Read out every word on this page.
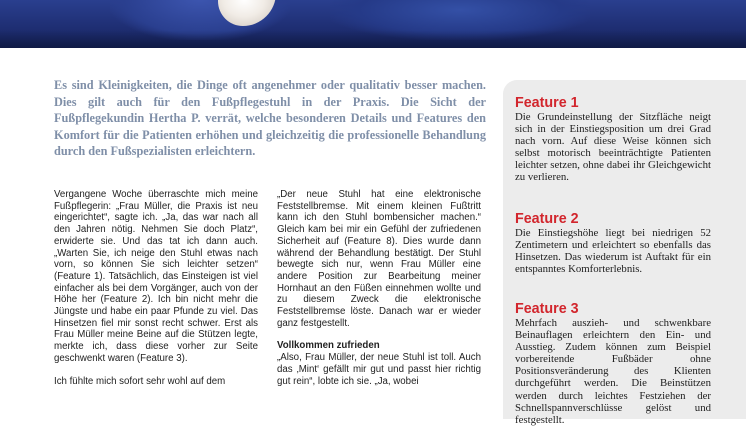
Es sind Kleinigkeiten, die Dinge oft angenehmer oder qualitativ besser machen. Dies gilt auch für den Fußpflegestuhl in der Praxis. Die Sicht der Fußpflegekundin Hertha P. verrät, welche besonderen Details und Features den Komfort für die Patienten erhöhen und gleichzeitig die professionelle Behandlung durch den Fußspezialisten erleichtern.

Vergangene Woche überraschte mich meine Fußpflegerin: „Frau Müller, die Praxis ist neu eingerichtet“, sagte ich. „Ja, das war nach all den Jahren nötig. Nehmen Sie doch Platz“, erwiderte sie. Und das tat ich dann auch. „Warten Sie, ich neige den Stuhl etwas nach vorn, so können Sie sich leichter setzen“ (Feature 1). Tatsächlich, das Einsteigen ist viel einfacher als bei dem Vorgänger, auch von der Höhe her (Feature 2). Ich bin nicht mehr die Jüngste und habe ein paar Pfunde zu viel. Das Hinsetzen fiel mir sonst recht schwer. Erst als Frau Müller meine Beine auf die Stützen legte, merkte ich, dass diese vorher zur Seite geschwenkt waren (Feature 3).

Ich fühlte mich sofort sehr wohl auf dem

„Der neue Stuhl hat eine elektronische Feststellbremse. Mit einem kleinen Fußtritt kann ich den Stuhl bombensicher machen.“ Gleich kam bei mir ein Gefühl der zufriedenen Sicherheit auf (Feature 8). Dies wurde dann während der Behandlung bestätigt. Der Stuhl bewegte sich nur, wenn Frau Müller eine andere Position zur Bearbeitung meiner Hornhaut an den Füßen einnehmen wollte und zu diesem Zweck die elektronische Feststellbremse löste. Danach war er wieder ganz festgestellt.

Vollkommen zufrieden

„Also, Frau Müller, der neue Stuhl ist toll. Auch das ‚Mint‘ gefällt mir gut und passt hier richtig gut rein“, lobte ich sie. „Ja, wobei

Feature 1

Die Grundeinstellung der Sitzfläche neigt sich in der Einstiegsposition um drei Grad nach vorn. Auf diese Weise können sich selbst motorisch beeinträchtigte Patienten leichter setzen, ohne dabei ihr Gleichgewicht zu verlieren.

Feature 2

Die Einstiegshöhe liegt bei niedrigen 52 Zentimetern und erleichtert so ebenfalls das Hinsetzen. Das wiederum ist Auftakt für ein entspanntes Komforterlebnis.

Feature 3

Mehrfach auszieh- und schwenkbare Beinauflagen erleichtern den Ein- und Ausstieg. Zudem können zum Beispiel vorbereitende Fußbäder ohne Positionsveränderung des Klienten durchgeführt werden. Die Beinstützen werden durch leichtes Festziehen der Schnellspannverschlüsse gelöst und festgestellt.
